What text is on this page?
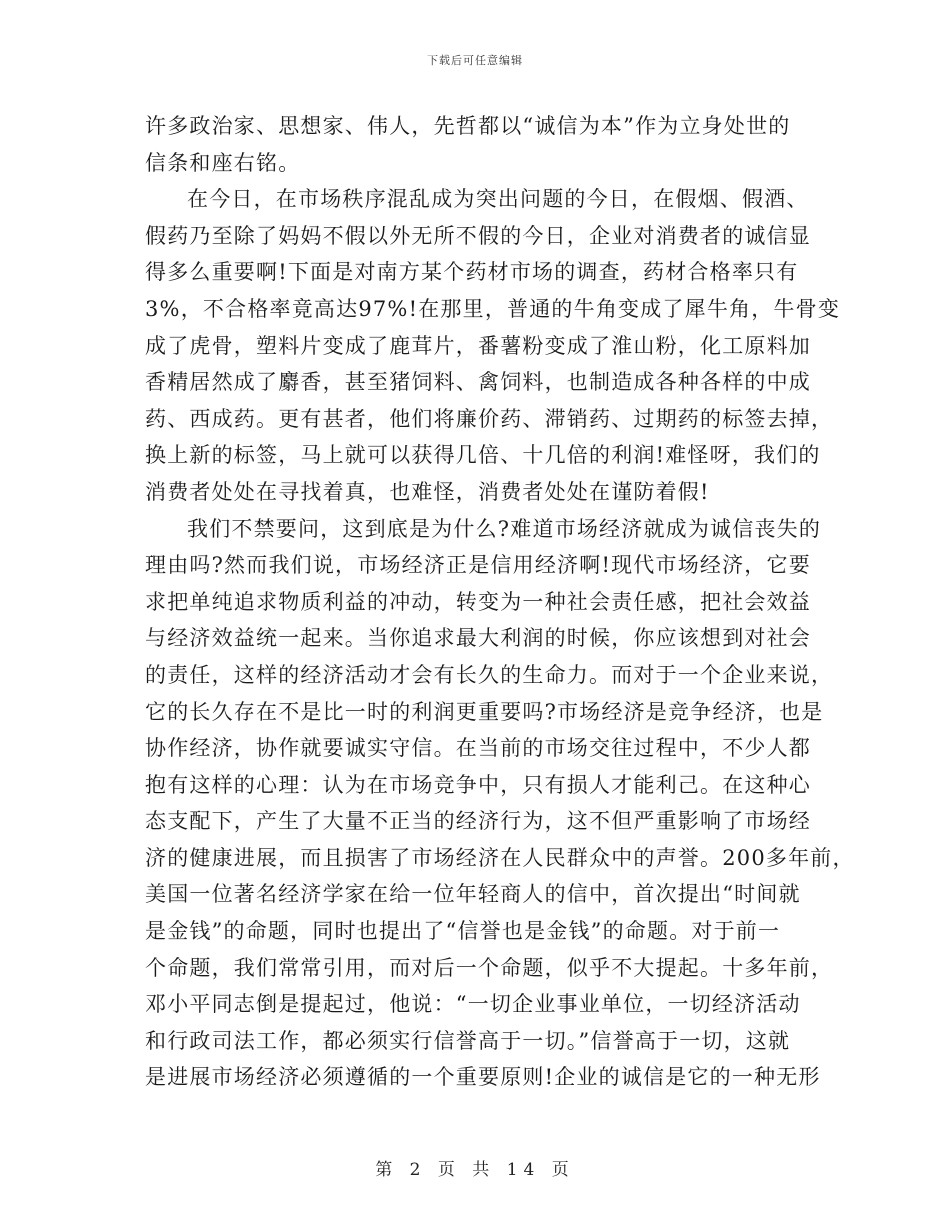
下载后可任意编辑
许多政治家、思想家、伟人，先哲都以“诚信为本”作为立身处世的
信条和座右铭。
在今日，在市场秩序混乱成为突出问题的今日，在假烟、假酒、
假药乃至除了妈妈不假以外无所不假的今日，企业对消费者的诚信显
得多么重要啊!下面是对南方某个药材市场的调查，药材合格率只有
3%，不合格率竟高达97%!在那里，普通的牛角变成了犀牛角，牛骨变
成了虎骨，塑料片变成了鹿茸片，番薯粉变成了淮山粉，化工原料加
香精居然成了麝香，甚至猪饲料、禽饲料，也制造成各种各样的中成
药、西成药。更有甚者，他们将廉价药、滞销药、过期药的标签去掉，
换上新的标签，马上就可以获得几倍、十几倍的利润!难怪呀，我们的
消费者处处在寻找着真，也难怪，消费者处处在谨防着假!
我们不禁要问，这到底是为什么?难道市场经济就成为诚信丧失的
理由吗?然而我们说，市场经济正是信用经济啊!现代市场经济，它要
求把单纯追求物质利益的冲动，转变为一种社会责任感，把社会效益
与经济效益统一起来。当你追求最大利润的时候，你应该想到对社会
的责任，这样的经济活动才会有长久的生命力。而对于一个企业来说，
它的长久存在不是比一时的利润更重要吗?市场经济是竞争经济，也是
协作经济，协作就要诚实守信。在当前的市场交往过程中，不少人都
抱有这样的心理：认为在市场竞争中，只有损人才能利己。在这种心
态支配下，产生了大量不正当的经济行为，这不但严重影响了市场经
济的健康进展，而且损害了市场经济在人民群众中的声誉。200多年前，
美国一位著名经济学家在给一位年轻商人的信中，首次提出“时间就
是金钱”的命题，同时也提出了“信誉也是金钱”的命题。对于前一
个命题，我们常常引用，而对后一个命题，似乎不大提起。十多年前，
邓小平同志倒是提起过，他说：“一切企业事业单位，一切经济活动
和行政司法工作，都必须实行信誉高于一切。”信誉高于一切，这就
是进展市场经济必须遵循的一个重要原则!企业的诚信是它的一种无形
第 2 页 共 14 页
